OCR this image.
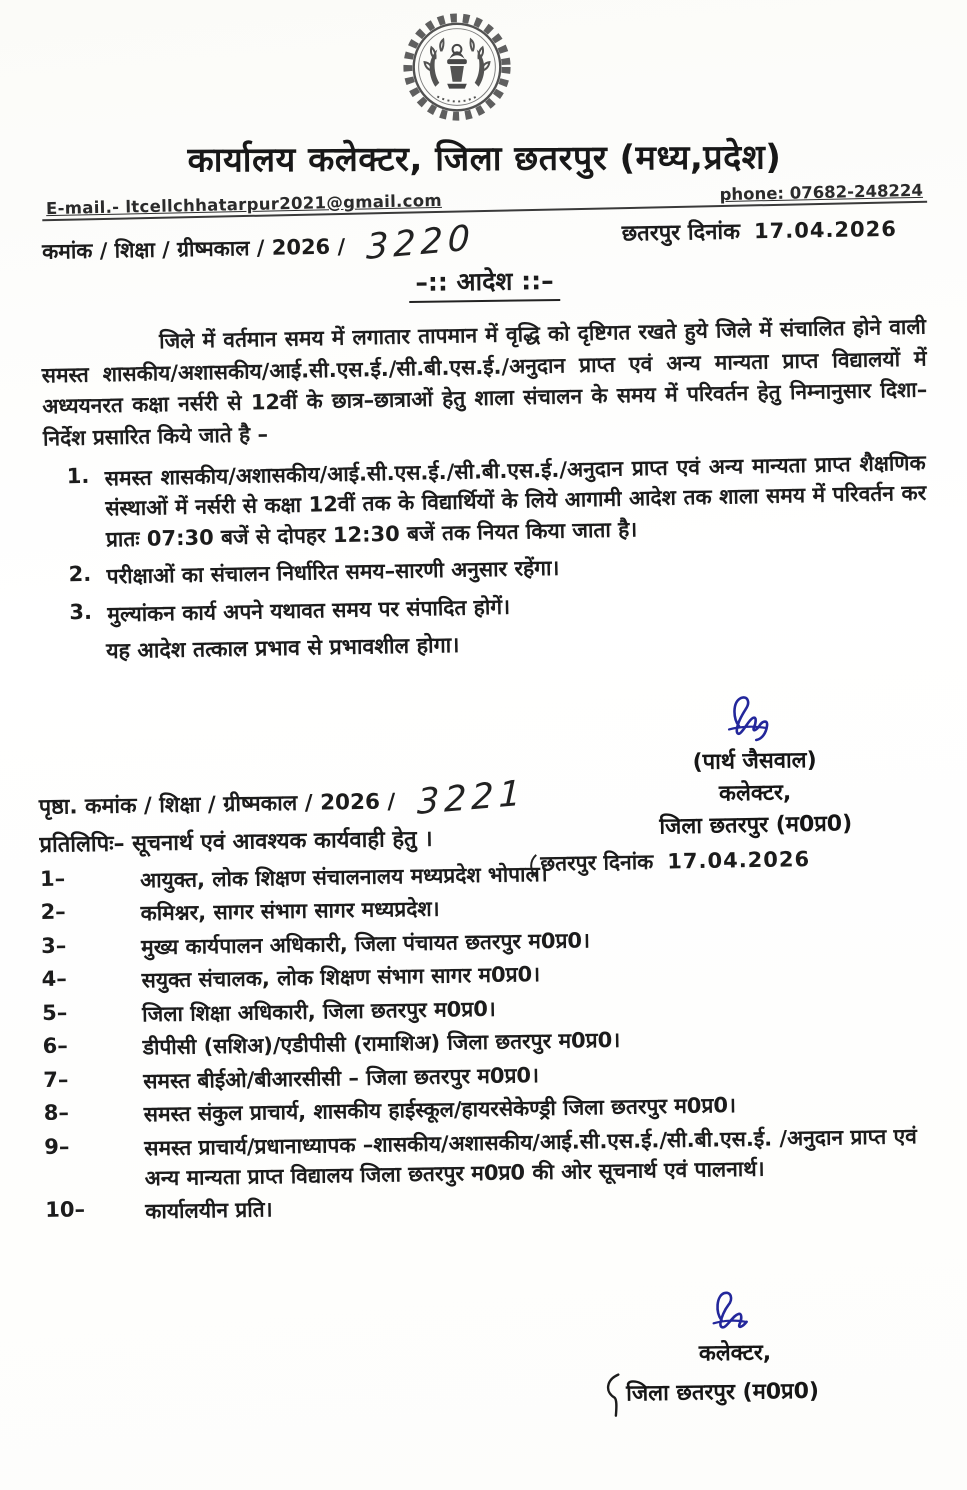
कार्यालय कलेक्टर, जिला छतरपुर (मध्य,प्रदेश)
E-mail.- ltcellchhatarpur2021@gmail.com	phone: 07682-248224
कमांक / शिक्षा / ग्रीष्मकाल / 2026 / 3220	छतरपुर दिनांक 17.04.2026
–:: आदेश ::–

जिले में वर्तमान समय में लगातार तापमान में वृद्धि को दृष्टिगत रखते हुये जिले में संचालित होने वाली समस्त शासकीय/अशासकीय/आई.सी.एस.ई./सी.बी.एस.ई./अनुदान प्राप्त एवं अन्य मान्यता प्राप्त विद्यालयों में अध्ययनरत कक्षा नर्सरी से 12वीं के छात्र–छात्राओं हेतु शाला संचालन के समय में परिवर्तन हेतु निम्नानुसार दिशा–निर्देश प्रसारित किये जाते है –

1. समस्त शासकीय/अशासकीय/आई.सी.एस.ई./सी.बी.एस.ई./अनुदान प्राप्त एवं अन्य मान्यता प्राप्त शैक्षणिक संस्थाओं में नर्सरी से कक्षा 12वीं तक के विद्यार्थियों के लिये आगामी आदेश तक शाला समय में परिवर्तन कर प्रातः 07:30 बजें से दोपहर 12:30 बजें तक नियत किया जाता है।
2. परीक्षाओं का संचालन निर्धारित समय–सारणी अनुसार रहेंगा।
3. मुल्यांकन कार्य अपने यथावत समय पर संपादित होगें।
यह आदेश तत्काल प्रभाव से प्रभावशील होगा।
(पार्थ जैसवाल)
कलेक्टर,
जिला छतरपुर (म0प्र0)
छतरपुर दिनांक 17.04.2026
पृष्ठा. कमांक / शिक्षा / ग्रीष्मकाल / 2026 / 3221
प्रतिलिपिः– सूचनार्थ एवं आवश्यक कार्यवाही हेतु ।
1–	आयुक्त, लोक शिक्षण संचालनालय मध्यप्रदेश भोपाल।
2–	कमिश्नर, सागर संभाग सागर मध्यप्रदेश।
3–	मुख्य कार्यपालन अधिकारी, जिला पंचायत छतरपुर म0प्र0।
4–	सयुक्त संचालक, लोक शिक्षण संभाग सागर म0प्र0।
5–	जिला शिक्षा अधिकारी, जिला छतरपुर म0प्र0।
6–	डीपीसी (सशिअ)/एडीपीसी (रामाशिअ) जिला छतरपुर म0प्र0।
7–	समस्त बीईओ/बीआरसीसी – जिला छतरपुर म0प्र0।
8–	समस्त संकुल प्राचार्य, शासकीय हाईस्कूल/हायरसेकेण्ड्री जिला छतरपुर म0प्र0।
9–	समस्त प्राचार्य/प्रधानाध्यापक –शासकीय/अशासकीय/आई.सी.एस.ई./सी.बी.एस.ई. /अनुदान प्राप्त एवं अन्य मान्यता प्राप्त विद्यालय जिला छतरपुर म0प्र0 की ओर सूचनार्थ एवं पालनार्थ।
10–	कार्यालयीन प्रति।
कलेक्टर,
जिला छतरपुर (म0प्र0)
